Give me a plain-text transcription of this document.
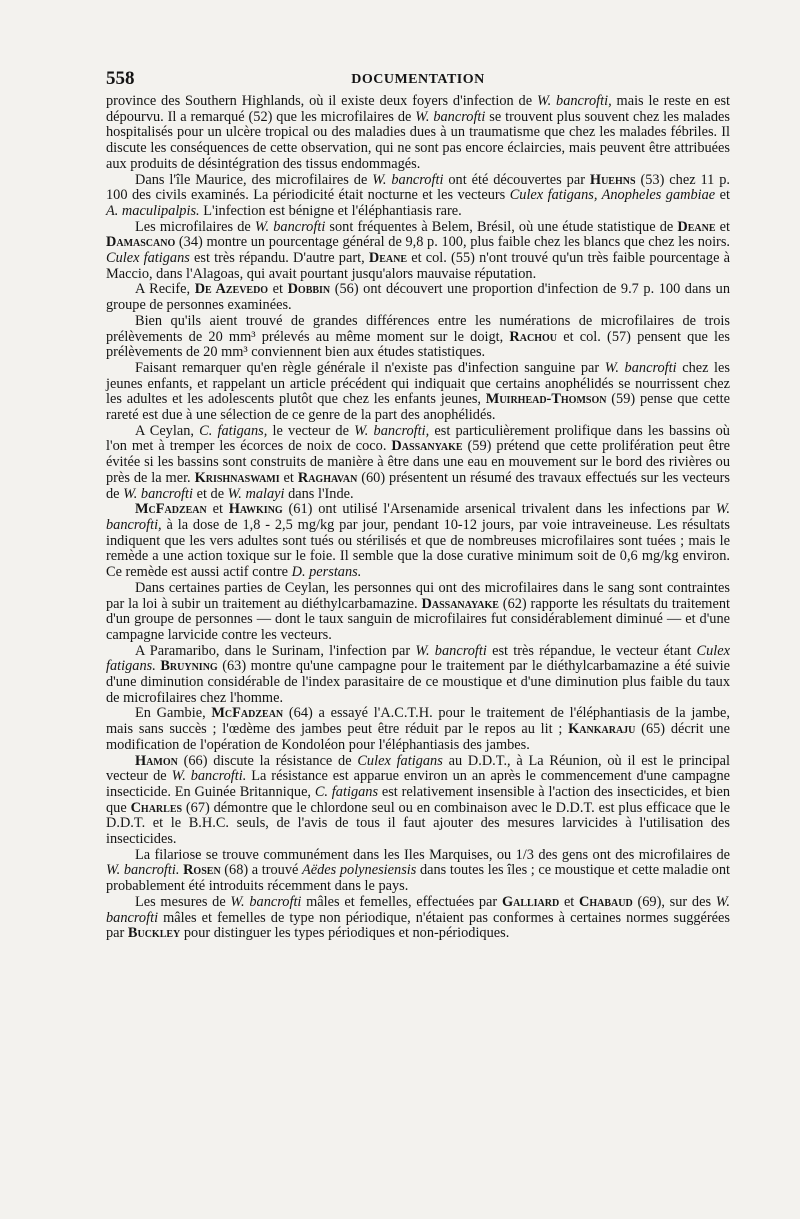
558	DOCUMENTATION

province des Southern Highlands, où il existe deux foyers d'infection de W. bancrofti, mais le reste en est dépourvu. Il a remarqué (52) que les microfilaires de W. bancrofti se trouvent plus souvent chez les malades hospitalisés pour un ulcère tropical ou des maladies dues à un traumatisme que chez les malades fébriles. Il discute les conséquences de cette observation, qui ne sont pas encore éclaircies, mais peuvent être attribuées aux produits de désintégration des tissus endommagés.

Dans l'île Maurice, des microfilaires de W. bancrofti ont été découvertes par Huehns (53) chez 11 p. 100 des civils examinés. La périodicité était nocturne et les vecteurs Culex fatigans, Anopheles gambiae et A. maculipalpis. L'infection est bénigne et l'éléphantiasis rare.

Les microfilaires de W. bancrofti sont fréquentes à Belem, Brésil, où une étude statistique de Deane et Damascano (34) montre un pourcentage général de 9,8 p. 100, plus faible chez les blancs que chez les noirs. Culex fatigans est très répandu. D'autre part, Deane et col. (55) n'ont trouvé qu'un très faible pourcentage à Maccio, dans l'Alagoas, qui avait pourtant jusqu'alors mauvaise réputation.

A Recife, De Azevedo et Dobbin (56) ont découvert une proportion d'infection de 9.7 p. 100 dans un groupe de personnes examinées.

Bien qu'ils aient trouvé de grandes différences entre les numérations de microfilaires de trois prélèvements de 20 mm³ prélevés au même moment sur le doigt, Rachou et col. (57) pensent que les prélèvements de 20 mm³ conviennent bien aux études statistiques.

Faisant remarquer qu'en règle générale il n'existe pas d'infection sanguine par W. bancrofti chez les jeunes enfants, et rappelant un article précédent qui indiquait que certains anophélidés se nourrissent chez les adultes et les adolescents plutôt que chez les enfants jeunes, Muirhead-Thomson (59) pense que cette rareté est due à une sélection de ce genre de la part des anophélidés.

A Ceylan, C. fatigans, le vecteur de W. bancrofti, est particulièrement prolifique dans les bassins où l'on met à tremper les écorces de noix de coco. Dassanyake (59) prétend que cette prolifération peut être évitée si les bassins sont construits de manière à être dans une eau en mouvement sur le bord des rivières ou près de la mer. Krishnaswami et Raghavan (60) présentent un résumé des travaux effectués sur les vecteurs de W. bancrofti et de W. malayi dans l'Inde.

McFadzean et Hawking (61) ont utilisé l'Arsenamide arsenical trivalent dans les infections par W. bancrofti, à la dose de 1,8 - 2,5 mg/kg par jour, pendant 10-12 jours, par voie intraveineuse. Les résultats indiquent que les vers adultes sont tués ou stérilisés et que de nombreuses microfilaires sont tuées ; mais le remède a une action toxique sur le foie. Il semble que la dose curative minimum soit de 0,6 mg/kg environ. Ce remède est aussi actif contre D. perstans.

Dans certaines parties de Ceylan, les personnes qui ont des microfilaires dans le sang sont contraintes par la loi à subir un traitement au diéthylcarbamazine. Dassanayake (62) rapporte les résultats du traitement d'un groupe de personnes — dont le taux sanguin de microfilaires fut considérablement diminué — et d'une campagne larvicide contre les vecteurs.

A Paramaribo, dans le Surinam, l'infection par W. bancrofti est très répandue, le vecteur étant Culex fatigans. Bruyning (63) montre qu'une campagne pour le traitement par le diéthylcarbamazine a été suivie d'une diminution considérable de l'index parasitaire de ce moustique et d'une diminution plus faible du taux de microfilaires chez l'homme.

En Gambie, McFadzean (64) a essayé l'A.C.T.H. pour le traitement de l'éléphantiasis de la jambe, mais sans succès ; l'œdème des jambes peut être réduit par le repos au lit ; Kankaraju (65) décrit une modification de l'opération de Kondoléon pour l'éléphantiasis des jambes.

Hamon (66) discute la résistance de Culex fatigans au D.D.T., à La Réunion, où il est le principal vecteur de W. bancrofti. La résistance est apparue environ un an après le commencement d'une campagne insecticide. En Guinée Britannique, C. fatigans est relativement insensible à l'action des insecticides, et bien que Charles (67) démontre que le chlordone seul ou en combinaison avec le D.D.T. est plus efficace que le D.D.T. et le B.H.C. seuls, de l'avis de tous il faut ajouter des mesures larvicides à l'utilisation des insecticides.

La filariose se trouve communément dans les Iles Marquises, ou 1/3 des gens ont des microfilaires de W. bancrofti. Rosen (68) a trouvé Aëdes polynesiensis dans toutes les îles ; ce moustique et cette maladie ont probablement été introduits récemment dans le pays.

Les mesures de W. bancrofti mâles et femelles, effectuées par Galliard et Chabaud (69), sur des W. bancrofti mâles et femelles de type non périodique, n'étaient pas conformes à certaines normes suggérées par Buckley pour distinguer les types périodiques et non-périodiques.
